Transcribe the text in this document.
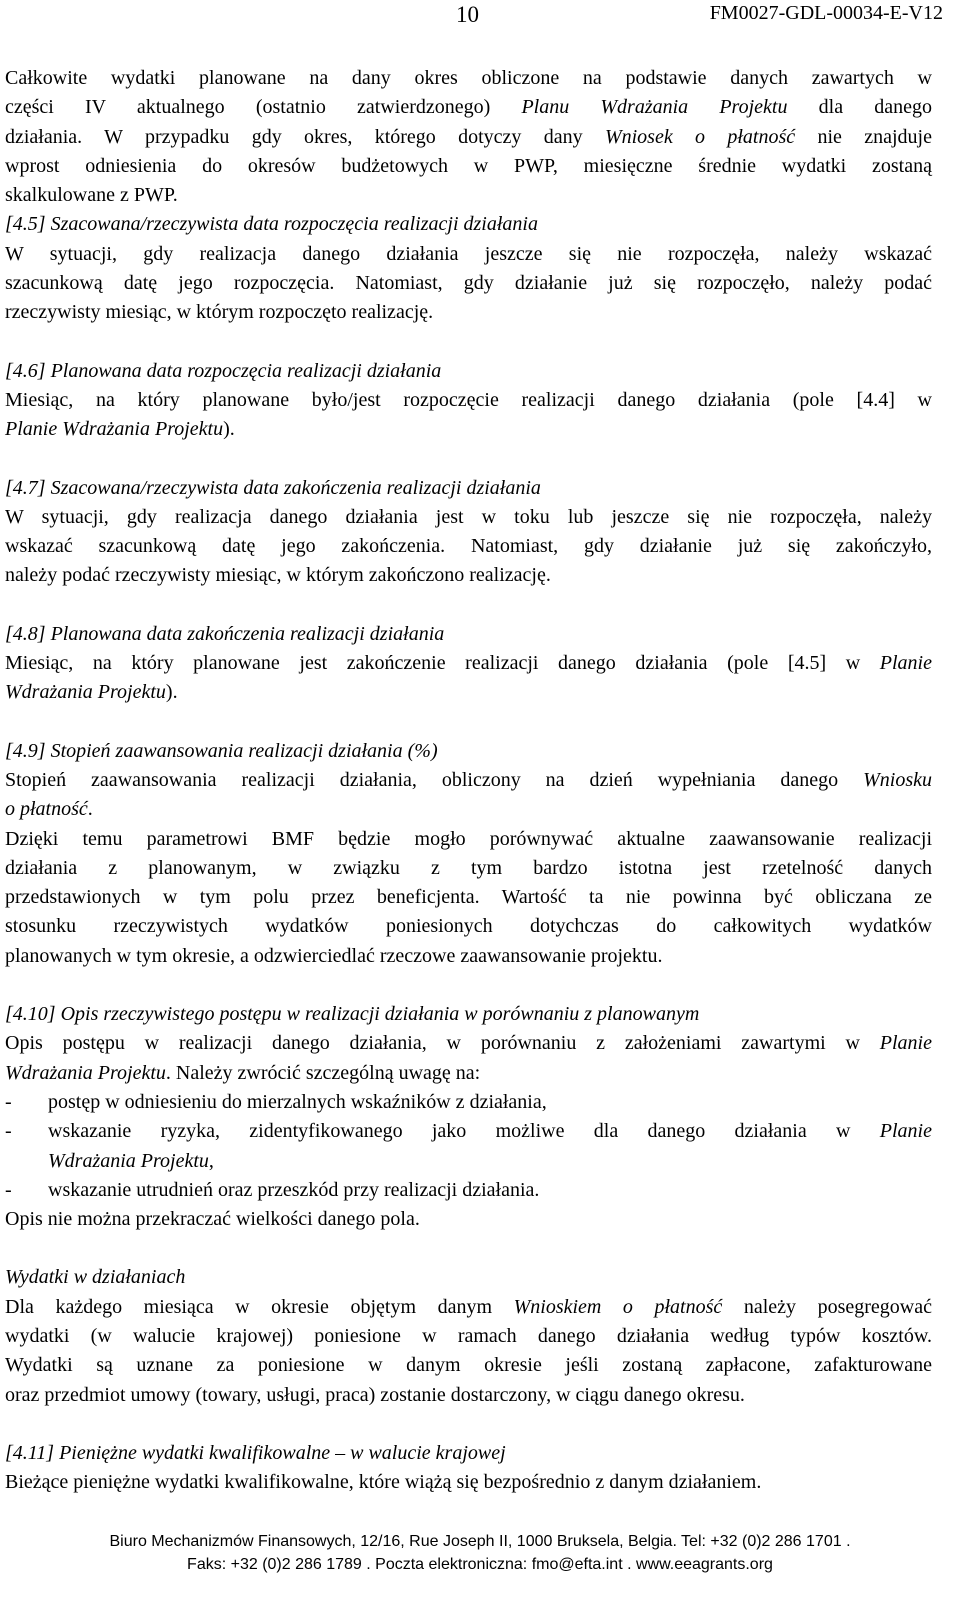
10	FM0027-GDL-00034-E-V12

Całkowite wydatki planowane na dany okres obliczone na podstawie danych zawartych w

części IV aktualnego (ostatnio zatwierdzonego) Planu Wdrażania Projektu dla danego

działania. W przypadku gdy okres, którego dotyczy dany Wniosek o płatność nie znajduje

wprost odniesienia do okresów budżetowych w PWP, miesięczne średnie wydatki zostaną

skalkulowane z PWP.

[4.5] Szacowana/rzeczywista data rozpoczęcia realizacji działania

W sytuacji, gdy realizacja danego działania jeszcze się nie rozpoczęła, należy wskazać

szacunkową datę jego rozpoczęcia. Natomiast, gdy działanie już się rozpoczęło, należy podać

rzeczywisty miesiąc, w którym rozpoczęto realizację.

[4.6] Planowana data rozpoczęcia realizacji działania

Miesiąc, na który planowane było/jest rozpoczęcie realizacji danego działania (pole [4.4] w

Planie Wdrażania Projektu).

[4.7] Szacowana/rzeczywista data zakończenia realizacji działania

W sytuacji, gdy realizacja danego działania jest w toku lub jeszcze się nie rozpoczęła, należy

wskazać szacunkową datę jego zakończenia. Natomiast, gdy działanie już się zakończyło,

należy podać rzeczywisty miesiąc, w którym zakończono realizację.

[4.8] Planowana data zakończenia realizacji działania

Miesiąc, na który planowane jest zakończenie realizacji danego działania (pole [4.5] w Planie

Wdrażania Projektu).

[4.9] Stopień zaawansowania realizacji działania (%)

Stopień zaawansowania realizacji działania, obliczony na dzień wypełniania danego Wniosku

o płatność.

Dzięki temu parametrowi BMF będzie mogło porównywać aktualne zaawansowanie realizacji

działania z planowanym, w związku z tym bardzo istotna jest rzetelność danych

przedstawionych w tym polu przez beneficjenta. Wartość ta nie powinna być obliczana ze

stosunku rzeczywistych wydatków poniesionych dotychczas do całkowitych wydatków

planowanych w tym okresie, a odzwierciedlać rzeczowe zaawansowanie projektu.

[4.10] Opis rzeczywistego postępu w realizacji działania w porównaniu z planowanym

Opis postępu w realizacji danego działania, w porównaniu z założeniami zawartymi w Planie

Wdrażania Projektu. Należy zwrócić szczególną uwagę na:

-	postęp w odniesieniu do mierzalnych wskaźników z działania,
-	wskazanie ryzyka, zidentyfikowanego jako możliwe dla danego działania w Planie
Wdrażania Projektu,
-	wskazanie utrudnień oraz przeszkód przy realizacji działania.

Opis nie można przekraczać wielkości danego pola.

Wydatki w działaniach

Dla każdego miesiąca w okresie objętym danym Wnioskiem o płatność należy posegregować

wydatki (w walucie krajowej) poniesione w ramach danego działania według typów kosztów.

Wydatki są uznane za poniesione w danym okresie jeśli zostaną zapłacone, zafakturowane

oraz przedmiot umowy (towary, usługi, praca) zostanie dostarczony, w ciągu danego okresu.

[4.11] Pieniężne wydatki kwalifikowalne – w walucie krajowej

Bieżące pieniężne wydatki kwalifikowalne, które wiążą się bezpośrednio z danym działaniem.

Biuro Mechanizmów Finansowych, 12/16, Rue Joseph II, 1000 Bruksela, Belgia. Tel: +32 (0)2 286 1701 .
Faks: +32 (0)2 286 1789 . Poczta elektroniczna: fmo@efta.int . www.eeagrants.org
